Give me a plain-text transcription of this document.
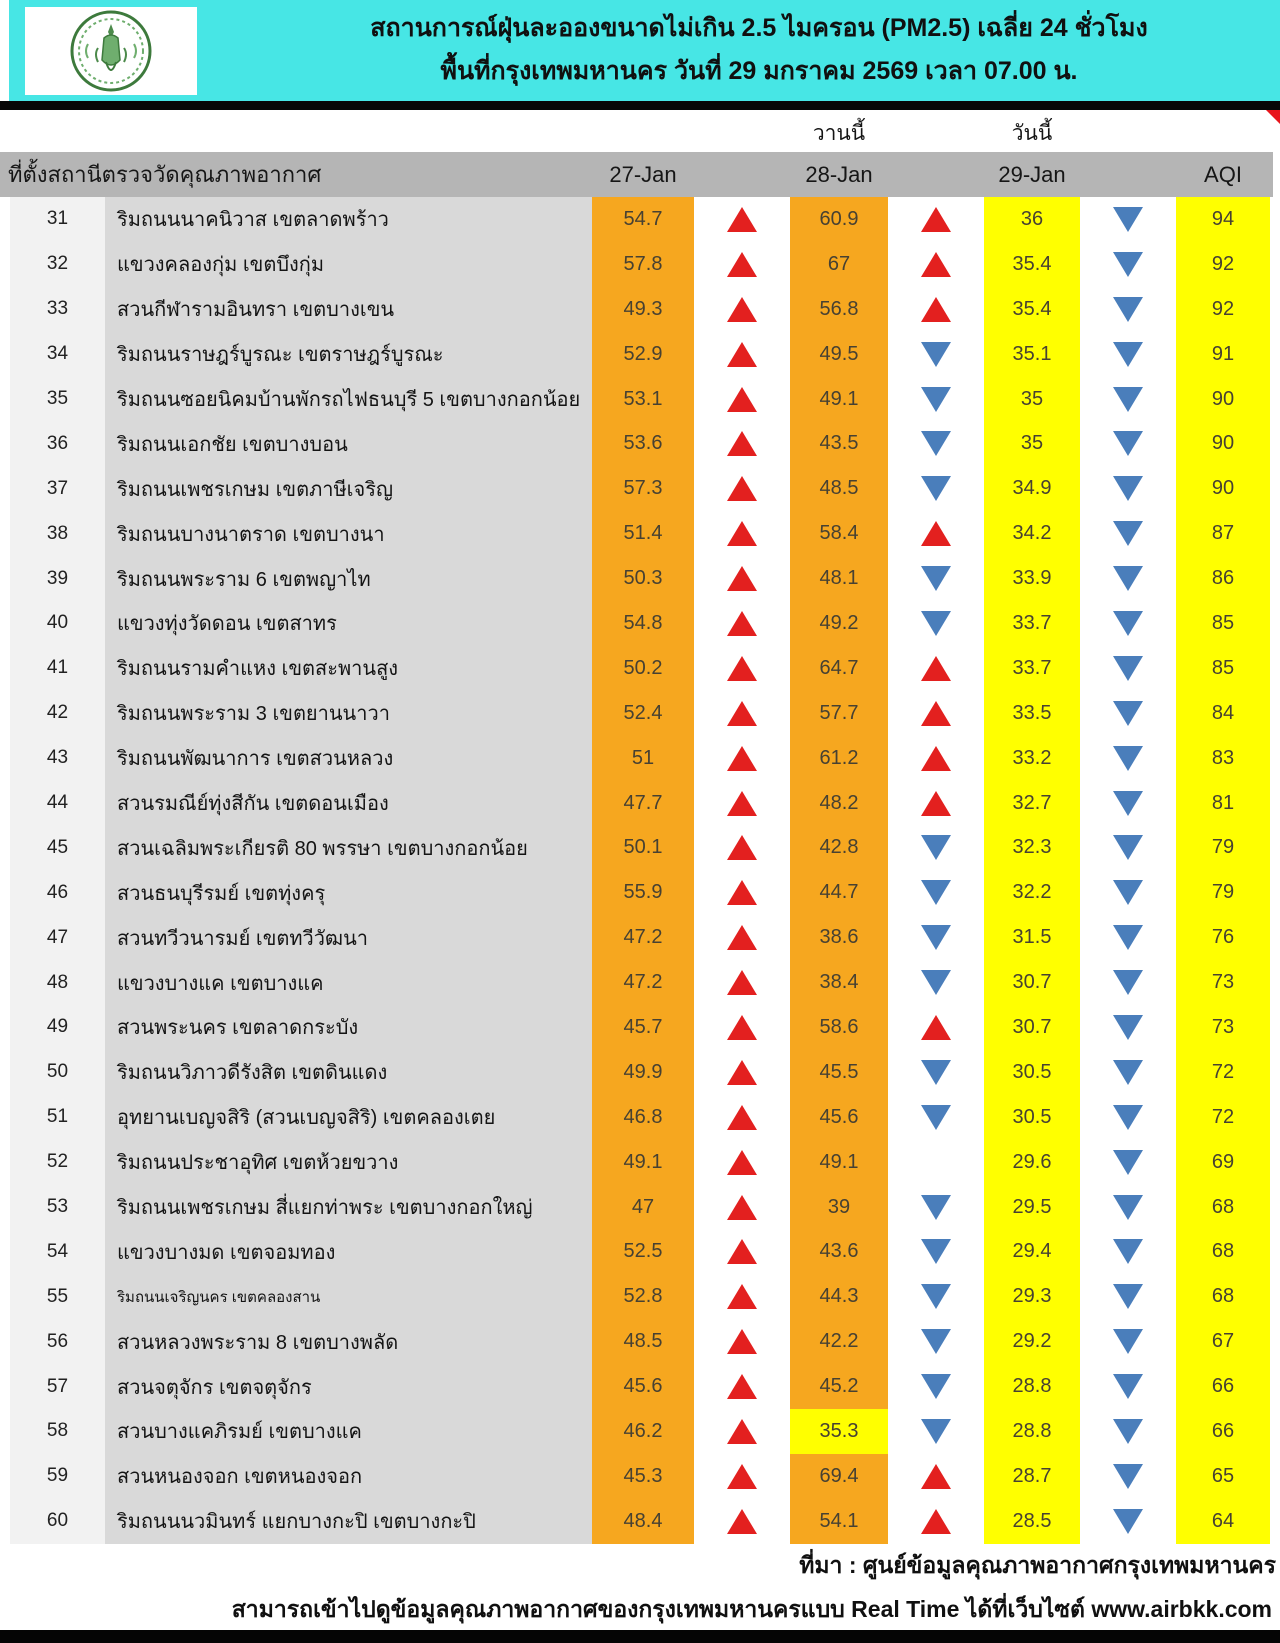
สถานการณ์ฝุ่นละอองขนาดไม่เกิน 2.5 ไมครอน (PM2.5) เฉลี่ย 24 ชั่วโมง
พื้นที่กรุงเทพมหานคร วันที่ 29 มกราคม 2569 เวลา 07.00 น.
วานนี้	วันนี้
ที่ตั้งสถานีตรวจวัดคุณภาพอากาศ	27-Jan	28-Jan	29-Jan	AQI
31	ริมถนนนาคนิวาส เขตลาดพร้าว	54.7	60.9	36	94
32	แขวงคลองกุ่ม เขตบึงกุ่ม	57.8	67	35.4	92
33	สวนกีฬารามอินทรา เขตบางเขน	49.3	56.8	35.4	92
34	ริมถนนราษฎร์บูรณะ เขตราษฎร์บูรณะ	52.9	49.5	35.1	91
35	ริมถนนซอยนิคมบ้านพักรถไฟธนบุรี 5 เขตบางกอกน้อย	53.1	49.1	35	90
36	ริมถนนเอกชัย เขตบางบอน	53.6	43.5	35	90
37	ริมถนนเพชรเกษม เขตภาษีเจริญ	57.3	48.5	34.9	90
38	ริมถนนบางนาตราด เขตบางนา	51.4	58.4	34.2	87
39	ริมถนนพระราม 6 เขตพญาไท	50.3	48.1	33.9	86
40	แขวงทุ่งวัดดอน เขตสาทร	54.8	49.2	33.7	85
41	ริมถนนรามคำแหง เขตสะพานสูง	50.2	64.7	33.7	85
42	ริมถนนพระราม 3 เขตยานนาวา	52.4	57.7	33.5	84
43	ริมถนนพัฒนาการ เขตสวนหลวง	51	61.2	33.2	83
44	สวนรมณีย์ทุ่งสีกัน เขตดอนเมือง	47.7	48.2	32.7	81
45	สวนเฉลิมพระเกียรติ 80 พรรษา เขตบางกอกน้อย	50.1	42.8	32.3	79
46	สวนธนบุรีรมย์ เขตทุ่งครุ	55.9	44.7	32.2	79
47	สวนทวีวนารมย์ เขตทวีวัฒนา	47.2	38.6	31.5	76
48	แขวงบางแค เขตบางแค	47.2	38.4	30.7	73
49	สวนพระนคร เขตลาดกระบัง	45.7	58.6	30.7	73
50	ริมถนนวิภาวดีรังสิต เขตดินแดง	49.9	45.5	30.5	72
51	อุทยานเบญจสิริ (สวนเบญจสิริ) เขตคลองเตย	46.8	45.6	30.5	72
52	ริมถนนประชาอุทิศ เขตห้วยขวาง	49.1	49.1	29.6	69
53	ริมถนนเพชรเกษม สี่แยกท่าพระ เขตบางกอกใหญ่	47	39	29.5	68
54	แขวงบางมด เขตจอมทอง	52.5	43.6	29.4	68
55	ริมถนนเจริญนคร เขตคลองสาน	52.8	44.3	29.3	68
56	สวนหลวงพระราม 8 เขตบางพลัด	48.5	42.2	29.2	67
57	สวนจตุจักร เขตจตุจักร	45.6	45.2	28.8	66
58	สวนบางแคภิรมย์ เขตบางแค	46.2	35.3	28.8	66
59	สวนหนองจอก เขตหนองจอก	45.3	69.4	28.7	65
60	ริมถนนนวมินทร์ แยกบางกะปิ เขตบางกะปิ	48.4	54.1	28.5	64
ที่มา : ศูนย์ข้อมูลคุณภาพอากาศกรุงเทพมหานคร
สามารถเข้าไปดูข้อมูลคุณภาพอากาศของกรุงเทพมหานครแบบ Real Time ได้ที่เว็บไซต์ www.airbkk.com
